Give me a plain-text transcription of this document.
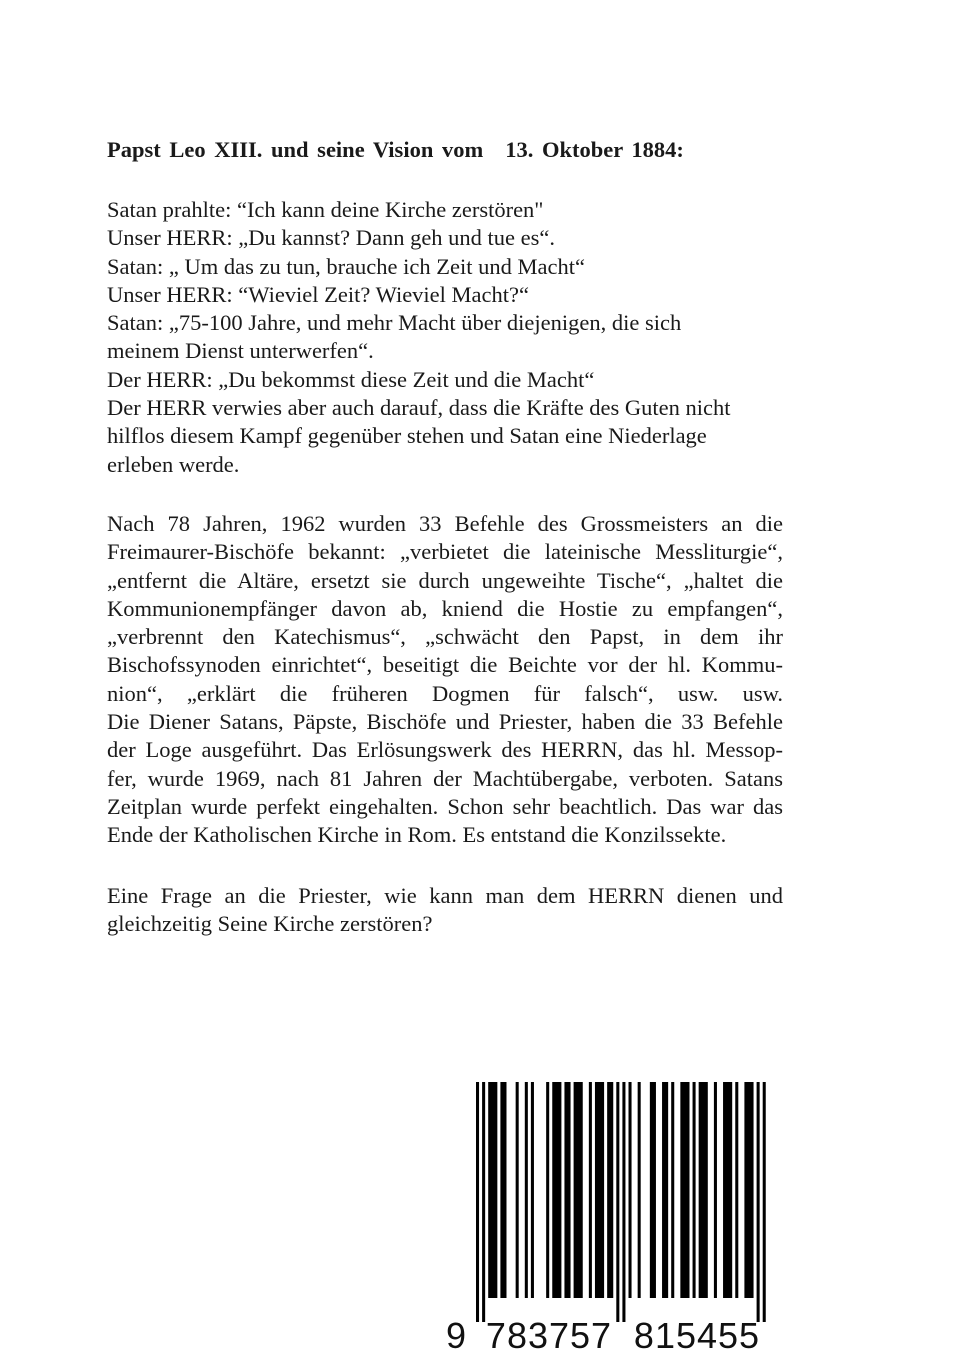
Papst Leo XIII. und seine Vision vom 13. Oktober 1884:
Satan prahlte: “Ich kann deine Kirche zerstören"
Unser HERR: „Du kannst? Dann geh und tue es“.
Satan: „ Um das zu tun, brauche ich Zeit und Macht“
Unser HERR: “Wieviel Zeit? Wieviel Macht?“
Satan: „75-100 Jahre, und mehr Macht über diejenigen, die sich
meinem Dienst unterwerfen“.
Der HERR: „Du bekommst diese Zeit und die Macht“
Der HERR verwies aber auch darauf, dass die Kräfte des Guten nicht
hilflos diesem Kampf gegenüber stehen und Satan eine Niederlage
erleben werde.
Nach 78 Jahren, 1962 wurden 33 Befehle des Grossmeisters an die
Freimaurer-Bischöfe bekannt: „verbietet die lateinische Messliturgie“,
„entfernt die Altäre, ersetzt sie durch ungeweihte Tische“, „haltet die
Kommunionempfänger davon ab, kniend die Hostie zu empfangen“,
„verbrennt den Katechismus“, „schwächt den Papst, in dem ihr
Bischofssynoden einrichtet“, beseitigt die Beichte vor der hl. Kommu-
nion“, „erklärt die früheren Dogmen für falsch“, usw. usw.
Die Diener Satans, Päpste, Bischöfe und Priester, haben die 33 Befehle
der Loge ausgeführt. Das Erlösungswerk des HERRN, das hl. Messop-
fer, wurde 1969, nach 81 Jahren der Machtübergabe, verboten. Satans
Zeitplan wurde perfekt eingehalten. Schon sehr beachtlich. Das war das
Ende der Katholischen Kirche in Rom. Es entstand die Konzilssekte.
Eine Frage an die Priester, wie kann man dem HERRN dienen und
gleichzeitig Seine Kirche zerstören?
9 783757 815455
